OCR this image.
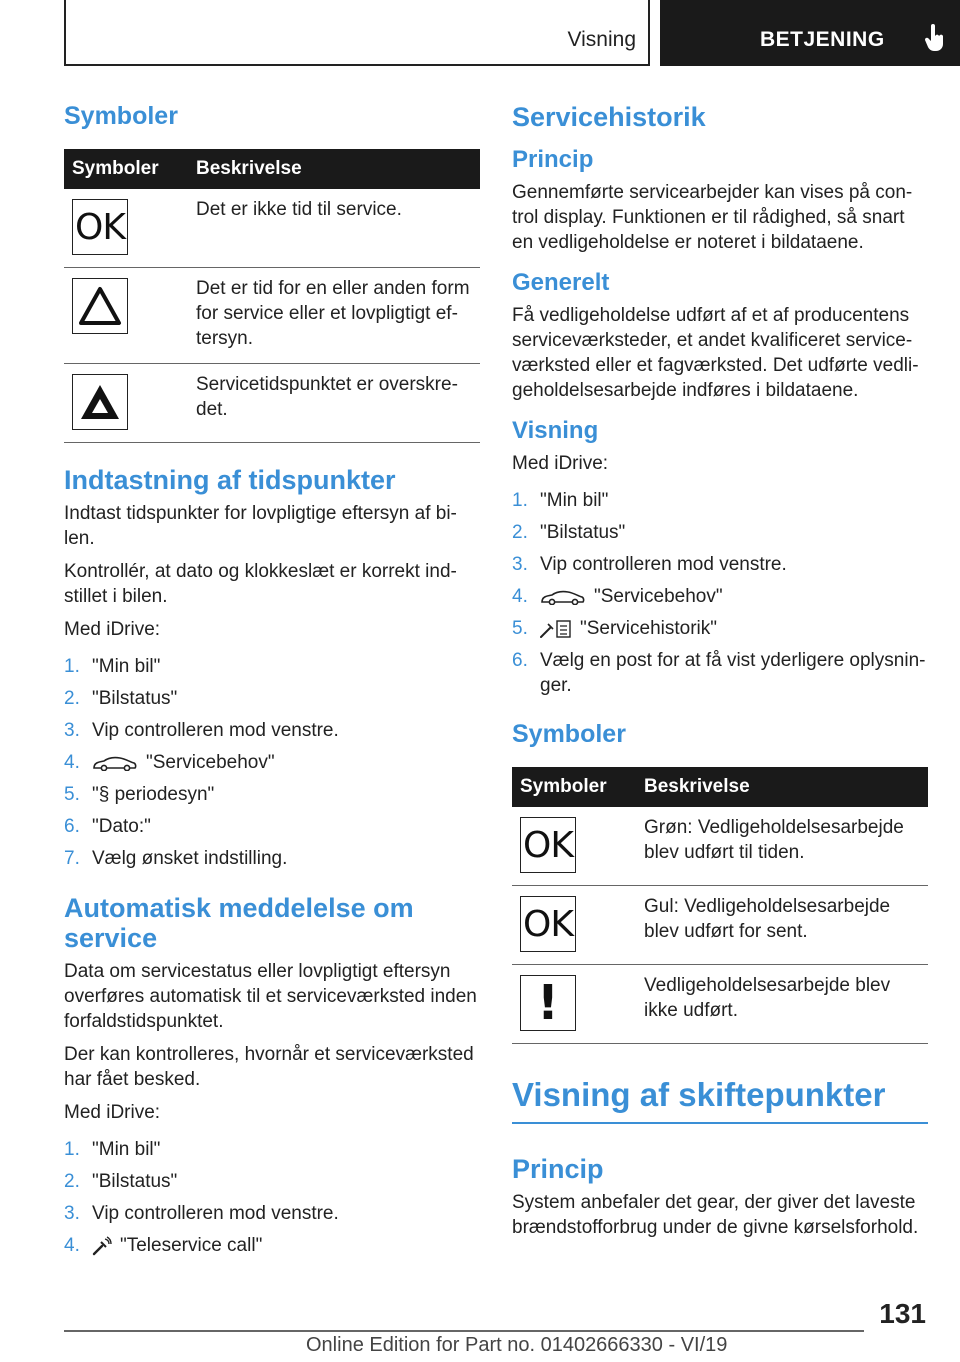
Visning	BETJENING
Symboler
Symboler	Beskrivelse

OK	Det er ikke tid til service.

	Det er tid for en eller anden form for service eller et lovpligtigt eftersyn.

	Servicetidspunktet er overskredet.
Indtastning af tidspunkter

Indtast tidspunkter for lovpligtige eftersyn af bilen.

Kontrollér, at dato og klokkeslæt er korrekt indstillet i bilen.

Med iDrive:

1. "Min bil"
2. "Bilstatus"
3. Vip controlleren mod venstre.
4.	"Servicebehov"
5. "§ periodesyn"
6. "Dato:"
7. Vælg ønsket indstilling.
Automatisk meddelelse om service

Data om servicestatus eller lovpligtigt eftersyn overføres automatisk til et serviceværksted inden forfaldstidspunktet.

Der kan kontrolleres, hvornår et serviceværksted har fået besked.

Med iDrive:

1. "Min bil"
2. "Bilstatus"
3. Vip controlleren mod venstre.
4. "Teleservice call"
Servicehistorik
Princip

Gennemførte servicearbejder kan vises på control display. Funktionen er til rådighed, så snart en vedligeholdelse er noteret i bildataene.

Generelt

Få vedligeholdelse udført af et af producentens serviceværksteder, et andet kvalificeret serviceværksted eller et fagværksted. Det udførte vedligeholdelsesarbejde indføres i bildataene.

Visning

Med iDrive:

1. "Min bil"
2. "Bilstatus"
3. Vip controlleren mod venstre.
4.	"Servicebehov"
5.	"Servicehistorik"
6. Vælg en post for at få vist yderligere oplysninger.
Symboler
Symboler	Beskrivelse

OK	Grøn: Vedligeholdelsesarbejde blev udført til tiden.

OK	Gul: Vedligeholdelsesarbejde blev udført for sent.

!	Vedligeholdelsesarbejde blev ikke udført.
Visning af skiftepunkter
Princip

System anbefaler det gear, der giver det laveste brændstofforbrug under de givne kørselsforhold.

131
Online Edition for Part no. 01402666330 - VI/19
